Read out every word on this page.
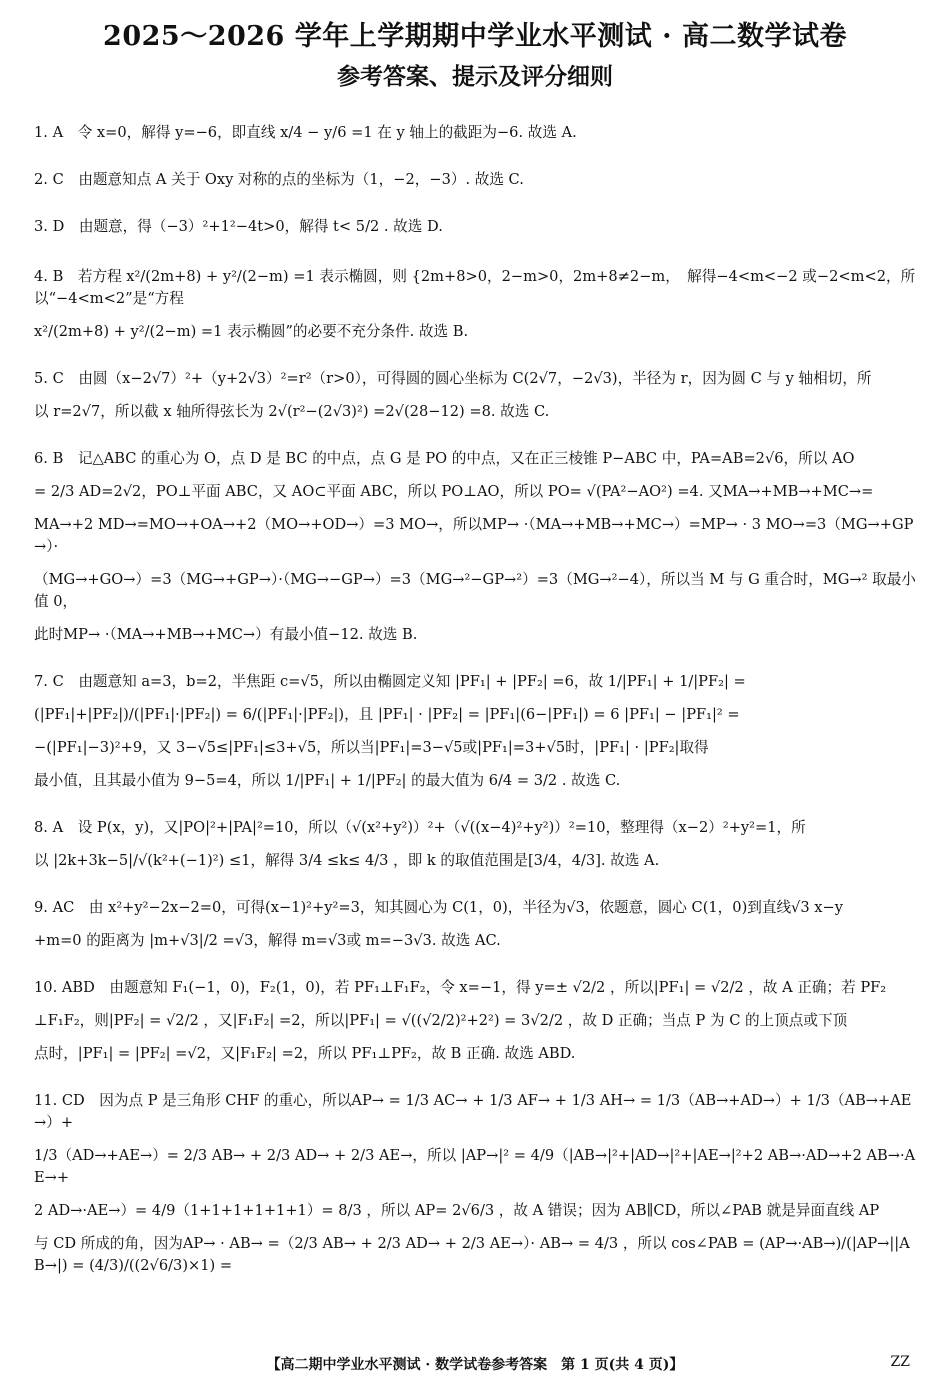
2025～2026 学年上学期期中学业水平测试 · 高二数学试卷
参考答案、提示及评分细则
1. A　令 x=0，解得 y=−6，即直线 x/4 − y/6 =1 在 y 轴上的截距为−6. 故选 A.
2. C　由题意知点 A 关于 Oxy 对称的点的坐标为（1，−2，−3）. 故选 C.
3. D　由题意，得（−3）²+1²−4t>0，解得 t< 5/2 . 故选 D.
4. B　若方程 x²/(2m+8) + y²/(2−m) =1 表示椭圆，则 {2m+8>0，2−m>0，2m+8≠2−m，　解得−4<m<−2 或−2<m<2，所以“−4<m<2”是“方程
x²/(2m+8) + y²/(2−m) =1 表示椭圆”的必要不充分条件. 故选 B.
5. C　由圆（x−2√7）²+（y+2√3）²=r²（r>0），可得圆的圆心坐标为 C(2√7，−2√3)，半径为 r，因为圆 C 与 y 轴相切，所
以 r=2√7，所以截 x 轴所得弦长为 2√(r²−(2√3)²) =2√(28−12) =8. 故选 C.
6. B　记△ABC 的重心为 O，点 D 是 BC 的中点，点 G 是 PO 的中点，又在正三棱锥 P−ABC 中，PA=AB=2√6，所以 AO
= 2/3 AD=2√2，PO⊥平面 ABC，又 AO⊂平面 ABC，所以 PO⊥AO，所以 PO= √(PA²−AO²) =4. 又MA→+MB→+MC→=
MA→+2 MD→=MO→+OA→+2（MO→+OD→）=3 MO→，所以MP→ ·（MA→+MB→+MC→）=MP→ · 3 MO→=3（MG→+GP→）·
（MG→+GO→）=3（MG→+GP→）·（MG→−GP→）=3（MG→²−GP→²）=3（MG→²−4），所以当 M 与 G 重合时，MG→² 取最小值 0，
此时MP→ ·（MA→+MB→+MC→）有最小值−12. 故选 B.
7. C　由题意知 a=3，b=2，半焦距 c=√5，所以由椭圆定义知 |PF₁| + |PF₂| =6，故 1/|PF₁| + 1/|PF₂| =
(|PF₁|+|PF₂|)/(|PF₁|·|PF₂|) = 6/(|PF₁|·|PF₂|)，且 |PF₁| · |PF₂| = |PF₁|(6−|PF₁|) = 6 |PF₁| − |PF₁|² =
−(|PF₁|−3)²+9，又 3−√5≤|PF₁|≤3+√5，所以当|PF₁|=3−√5或|PF₁|=3+√5时，|PF₁| · |PF₂|取得
最小值，且其最小值为 9−5=4，所以 1/|PF₁| + 1/|PF₂| 的最大值为 6/4 = 3/2 . 故选 C.
8. A　设 P(x，y)，又|PO|²+|PA|²=10，所以（√(x²+y²)）²+（√((x−4)²+y²)）²=10，整理得（x−2）²+y²=1，所
以 |2k+3k−5|/√(k²+(−1)²) ≤1，解得 3/4 ≤k≤ 4/3 ，即 k 的取值范围是[3/4，4/3]. 故选 A.
9. AC　由 x²+y²−2x−2=0，可得(x−1)²+y²=3，知其圆心为 C(1，0)，半径为√3，依题意，圆心 C(1，0)到直线√3 x−y
+m=0 的距离为 |m+√3|/2 =√3，解得 m=√3或 m=−3√3. 故选 AC.
10. ABD　由题意知 F₁(−1，0)，F₂(1，0)，若 PF₁⊥F₁F₂，令 x=−1，得 y=± √2/2 ，所以|PF₁| = √2/2 ，故 A 正确；若 PF₂
⊥F₁F₂，则|PF₂| = √2/2 ，又|F₁F₂| =2，所以|PF₁| = √((√2/2)²+2²) = 3√2/2 ，故 D 正确；当点 P 为 C 的上顶点或下顶
点时，|PF₁| = |PF₂| =√2，又|F₁F₂| =2，所以 PF₁⊥PF₂，故 B 正确. 故选 ABD.
11. CD　因为点 P 是三角形 CHF 的重心，所以AP→ = 1/3 AC→ + 1/3 AF→ + 1/3 AH→ = 1/3（AB→+AD→）+ 1/3（AB→+AE→）+
1/3（AD→+AE→）= 2/3 AB→ + 2/3 AD→ + 2/3 AE→，所以 |AP→|² = 4/9（|AB→|²+|AD→|²+|AE→|²+2 AB→·AD→+2 AB→·AE→+
2 AD→·AE→）= 4/9（1+1+1+1+1+1）= 8/3 ，所以 AP= 2√6/3 ，故 A 错误；因为 AB∥CD，所以∠PAB 就是异面直线 AP
与 CD 所成的角，因为AP→ · AB→ =（2/3 AB→ + 2/3 AD→ + 2/3 AE→）· AB→ = 4/3 ，所以 cos∠PAB = (AP→·AB→)/(|AP→||AB→|) = (4/3)/((2√6/3)×1) =
【高二期中学业水平测试 · 数学试卷参考答案　第 1 页(共 4 页)】	ZZ
